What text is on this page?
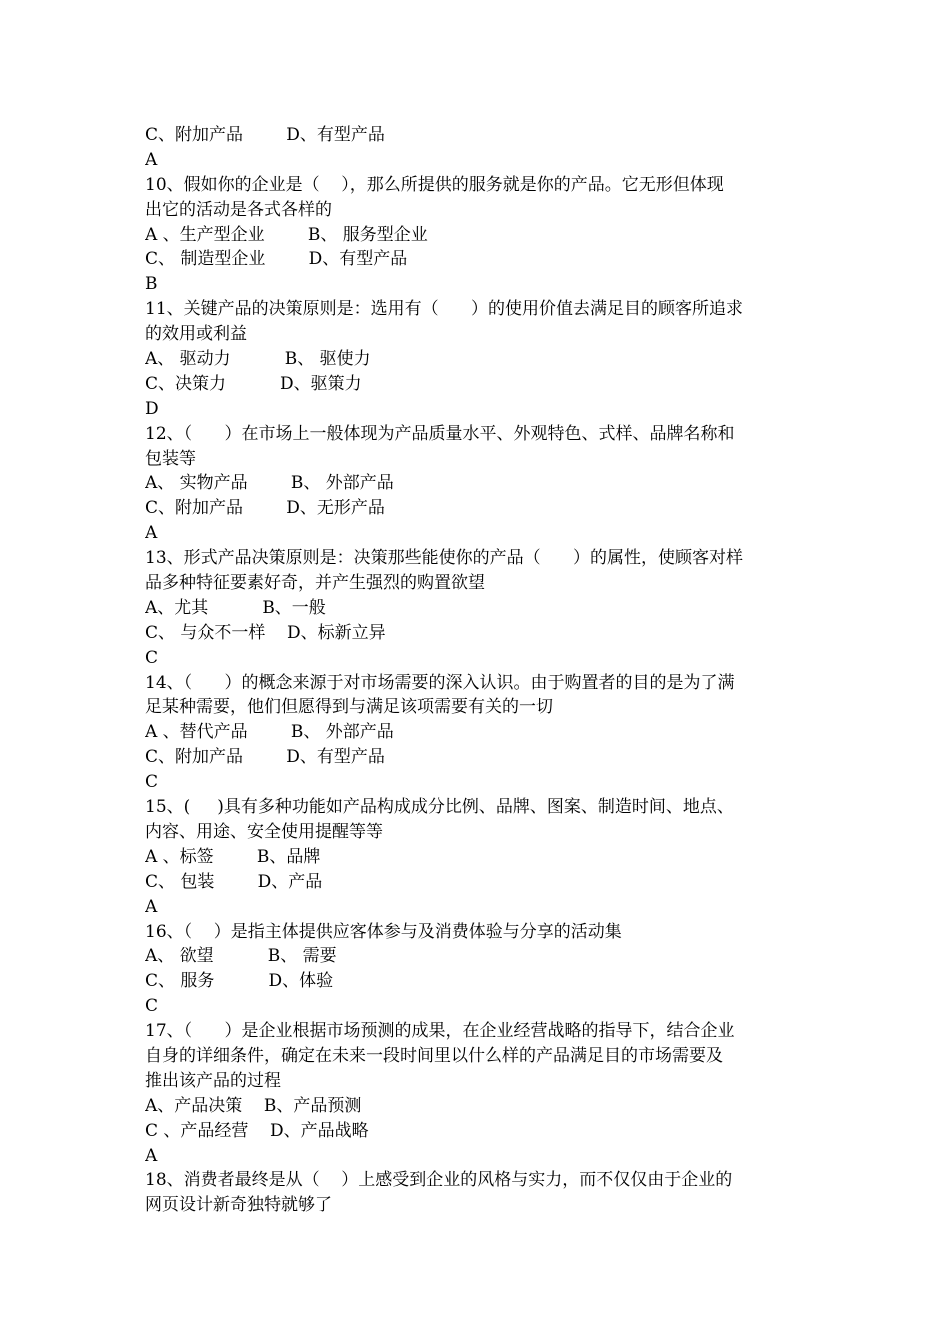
C、附加产品        D、有型产品
A
10、假如你的企业是（    ），那么所提供的服务就是你的产品。它无形但体现
出它的活动是各式各样的
A 、生产型企业        B、 服务型企业
C、 制造型企业        D、有型产品
B
11、关键产品的决策原则是：选用有（      ）的使用价值去满足目的顾客所追求
的效用或利益
A、 驱动力          B、 驱使力
C、决策力          D、驱策力
D
12、（      ）在市场上一般体现为产品质量水平、外观特色、式样、品牌名称和
包装等
A、 实物产品        B、 外部产品
C、附加产品        D、无形产品
A
13、形式产品决策原则是：决策那些能使你的产品（      ）的属性，使顾客对样
品多种特征要素好奇，并产生强烈的购置欲望
A、尤其          B、一般
C、 与众不一样    D、标新立异
C
14、（      ）的概念来源于对市场需要的深入认识。由于购置者的目的是为了满
足某种需要，他们但愿得到与满足该项需要有关的一切
A 、替代产品        B、 外部产品
C、附加产品        D、有型产品
C
15、(     )具有多种功能如产品构成成分比例、品牌、图案、制造时间、地点、
内容、用途、安全使用提醒等等
A 、标签        B、品牌
C、 包装        D、产品
A
16、（    ）是指主体提供应客体参与及消费体验与分享的活动集
A、 欲望          B、 需要
C、 服务          D、体验
C
17、（      ）是企业根据市场预测的成果，在企业经营战略的指导下，结合企业
自身的详细条件，确定在未来一段时间里以什么样的产品满足目的市场需要及
推出该产品的过程
A、产品决策    B、产品预测
C 、产品经营    D、产品战略
A
18、消费者最终是从（    ）上感受到企业的风格与实力，而不仅仅由于企业的
网页设计新奇独特就够了
